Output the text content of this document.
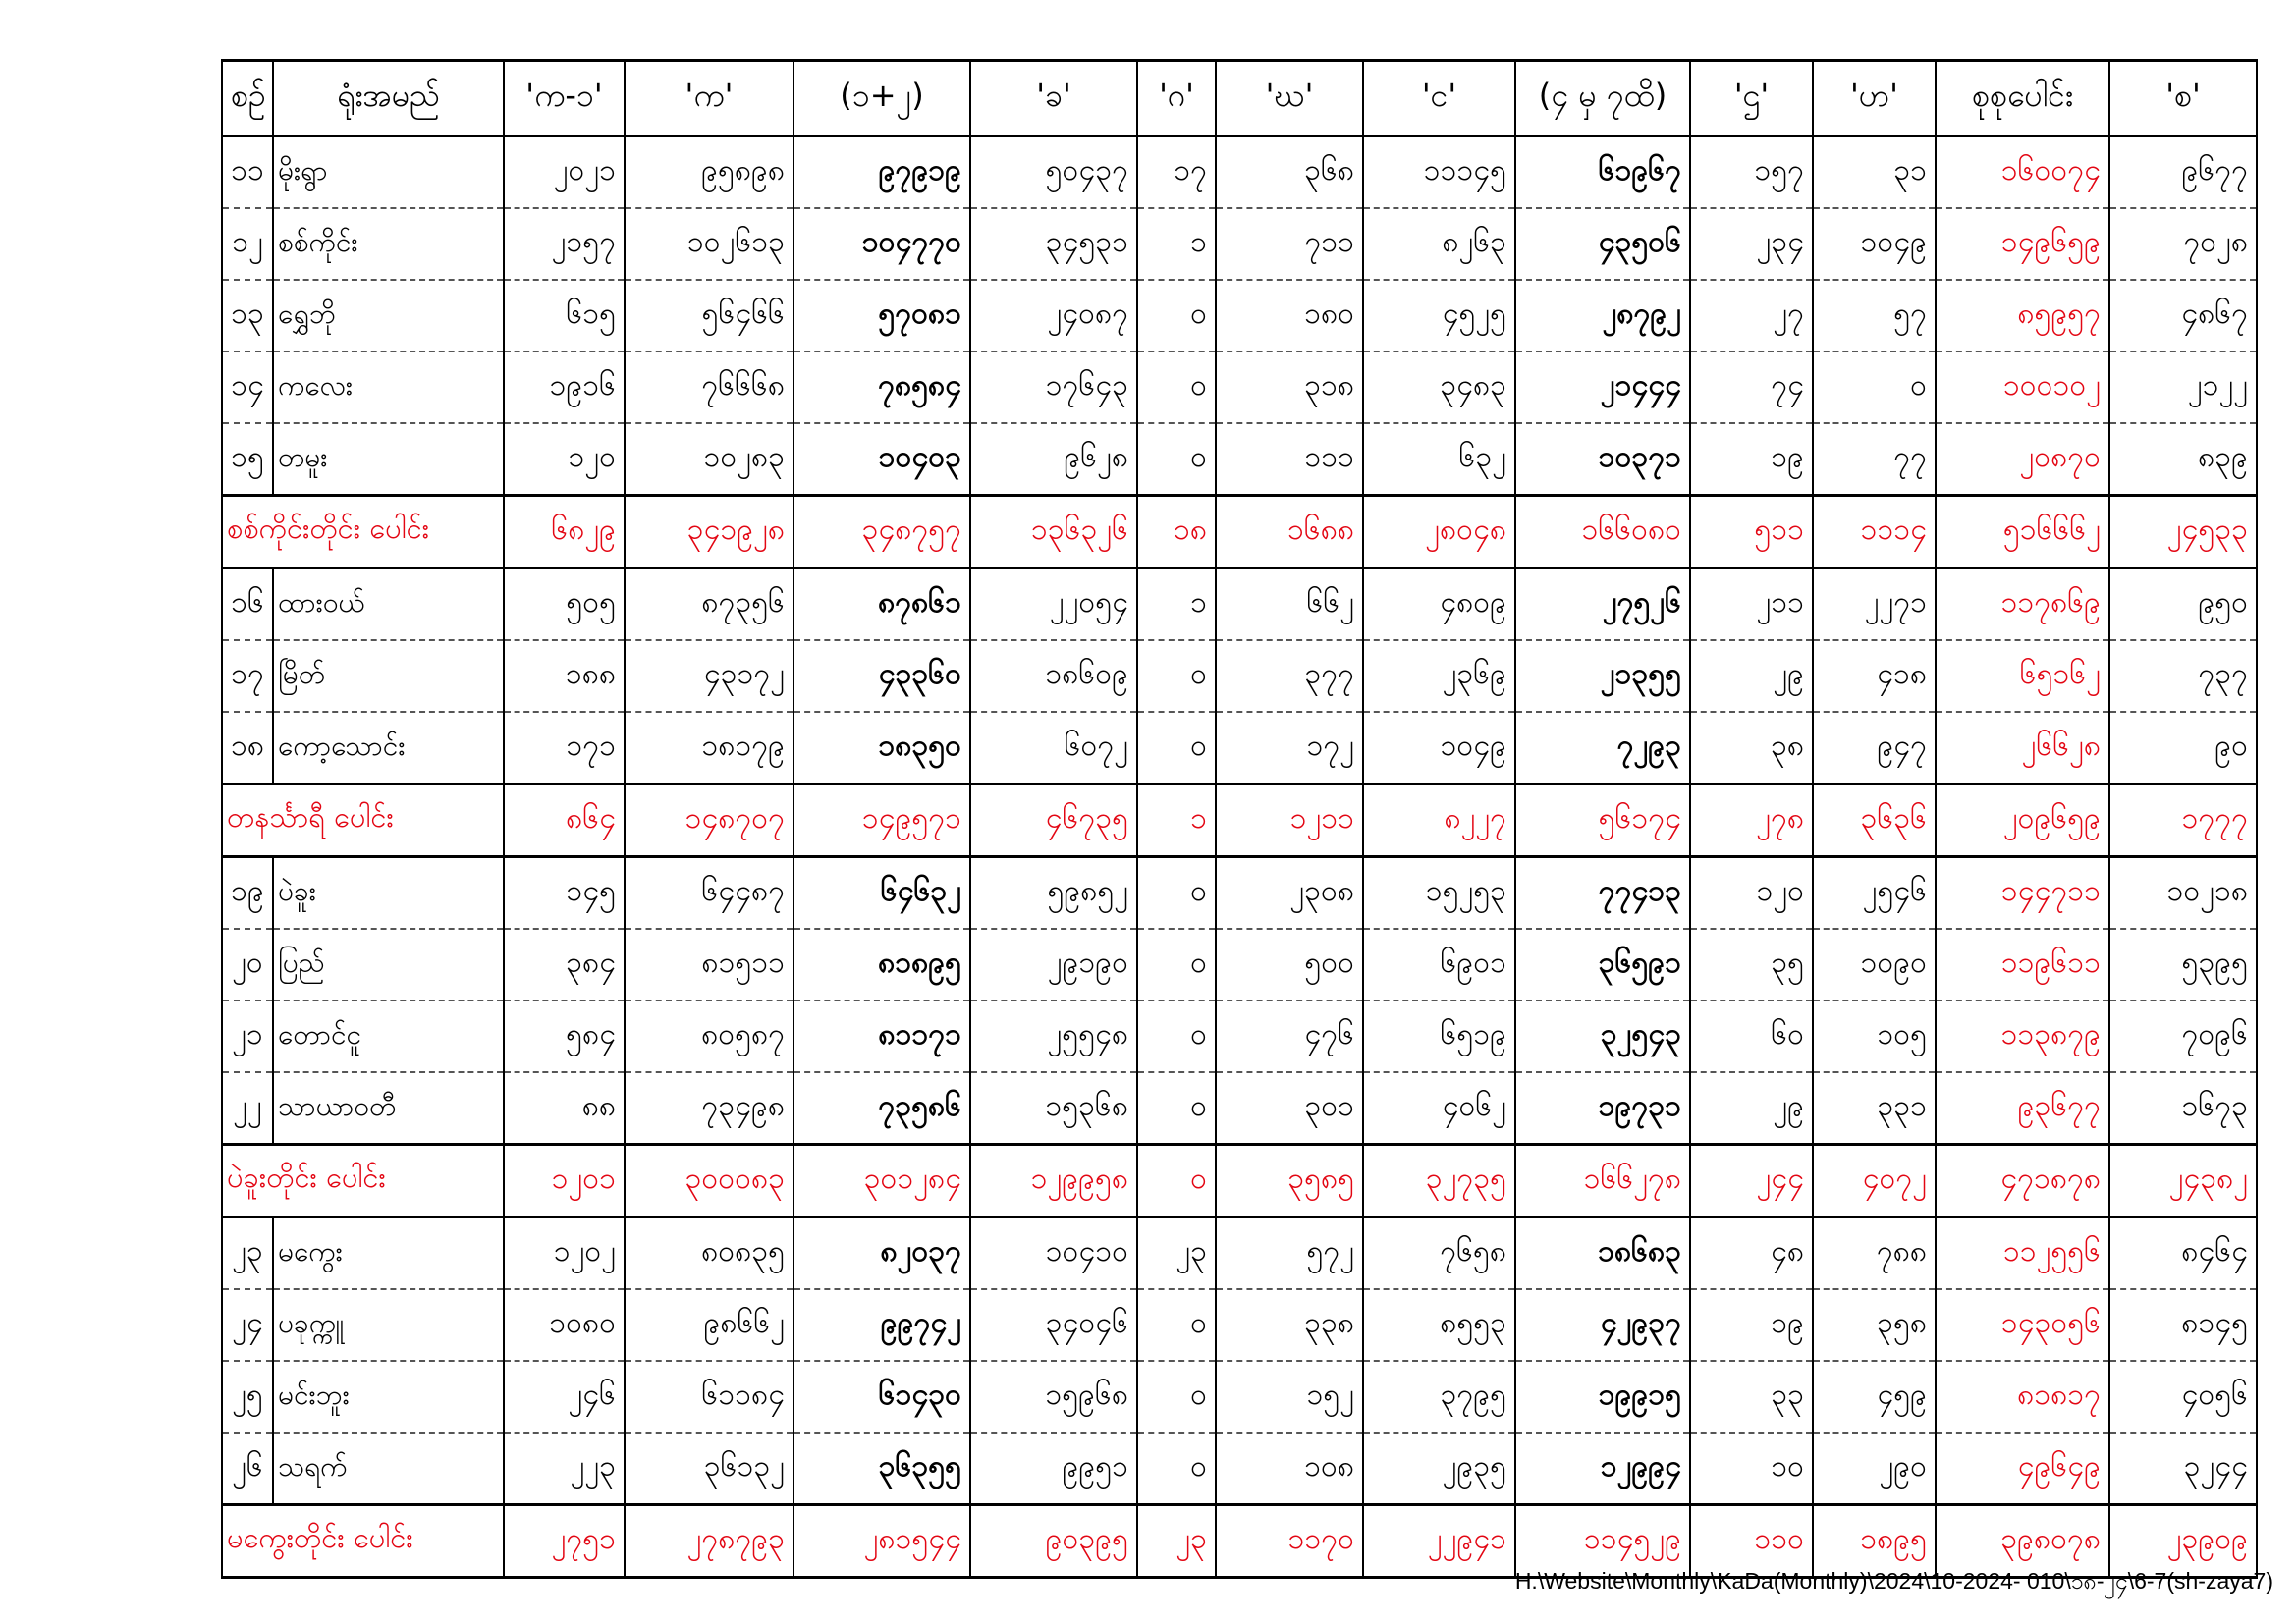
စဉ်	ရုံးအမည်	'က-၁'	'က'	(၁+၂)	'ခ'	'ဂ'	'ဃ'	'င'	(၄ မှ ၇ထိ)	'ဌ'	'ဟ'	စုစုပေါင်း	'စ'
၁၁	မိုးရွာ	၂၀၂၁	၉၅၈၉၈	၉၇၉၁၉	၅၀၄၃၇	၁၇	၃၆၈	၁၁၁၄၅	၆၁၉၆၇	၁၅၇	၃၁	၁၆၀၀၇၄	၉၆၇၇
၁၂	စစ်ကိုင်း	၂၁၅၇	၁၀၂၆၁၃	၁၀၄၇၇၀	၃၄၅၃၁	၁	၇၁၁	၈၂၆၃	၄၃၅၀၆	၂၃၄	၁၀၄၉	၁၄၉၆၅၉	၇၀၂၈
၁၃	ရွှေဘို	၆၁၅	၅၆၄၆၆	၅၇၀၈၁	၂၄၀၈၇	၀	၁၈၀	၄၅၂၅	၂၈၇၉၂	၂၇	၅၇	၈၅၉၅၇	၄၈၆၇
၁၄	ကလေး	၁၉၁၆	၇၆၆၆၈	၇၈၅၈၄	၁၇၆၄၃	၀	၃၁၈	၃၄၈၃	၂၁၄၄၄	၇၄	၀	၁၀၀၁၀၂	၂၁၂၂
၁၅	တမူး	၁၂၀	၁၀၂၈၃	၁၀၄၀၃	၉၆၂၈	၀	၁၁၁	၆၃၂	၁၀၃၇၁	၁၉	၇၇	၂၀၈၇၀	၈၃၉
စစ်ကိုင်းတိုင်း ပေါင်း		၆၈၂၉	၃၄၁၉၂၈	၃၄၈၇၅၇	၁၃၆၃၂၆	၁၈	၁၆၈၈	၂၈၀၄၈	၁၆၆၀၈၀	၅၁၁	၁၁၁၄	၅၁၆၆၆၂	၂၄၅၃၃
၁၆	ထားဝယ်	၅၀၅	၈၇၃၅၆	၈၇၈၆၁	၂၂၀၅၄	၁	၆၆၂	၄၈၀၉	၂၇၅၂၆	၂၁၁	၂၂၇၁	၁၁၇၈၆၉	၉၅၀
၁၇	မြိတ်	၁၈၈	၄၃၁၇၂	၄၃၃၆၀	၁၈၆၀၉	၀	၃၇၇	၂၃၆၉	၂၁၃၅၅	၂၉	၄၁၈	၆၅၁၆၂	၇၃၇
၁၈	ကော့သောင်း	၁၇၁	၁၈၁၇၉	၁၈၃၅၀	၆၀၇၂	၀	၁၇၂	၁၀၄၉	၇၂၉၃	၃၈	၉၄၇	၂၆၆၂၈	၉၀
တနင်္သာရီ ပေါင်း		၈၆၄	၁၄၈၇၀၇	၁၄၉၅၇၁	၄၆၇၃၅	၁	၁၂၁၁	၈၂၂၇	၅၆၁၇၄	၂၇၈	၃၆၃၆	၂၀၉၆၅၉	၁၇၇၇
၁၉	ပဲခူး	၁၄၅	၆၄၄၈၇	၆၄၆၃၂	၅၉၈၅၂	၀	၂၃၀၈	၁၅၂၅၃	၇၇၄၁၃	၁၂၀	၂၅၄၆	၁၄၄၇၁၁	၁၀၂၁၈
၂၀	ပြည်	၃၈၄	၈၁၅၁၁	၈၁၈၉၅	၂၉၁၉၀	၀	၅၀၀	၆၉၀၁	၃၆၅၉၁	၃၅	၁၀၉၀	၁၁၉၆၁၁	၅၃၉၅
၂၁	တောင်ငူ	၅၈၄	၈၀၅၈၇	၈၁၁၇၁	၂၅၅၄၈	၀	၄၇၆	၆၅၁၉	၃၂၅၄၃	၆၀	၁၀၅	၁၁၃၈၇၉	၇၀၉၆
၂၂	သာယာဝတီ	၈၈	၇၃၄၉၈	၇၃၅၈၆	၁၅၃၆၈	၀	၃၀၁	၄၀၆၂	၁၉၇၃၁	၂၉	၃၃၁	၉၃၆၇၇	၁၆၇၃
ပဲခူးတိုင်း ပေါင်း		၁၂၀၁	၃၀၀၀၈၃	၃၀၁၂၈၄	၁၂၉၉၅၈	၀	၃၅၈၅	၃၂၇၃၅	၁၆၆၂၇၈	၂၄၄	၄၀၇၂	၄၇၁၈၇၈	၂၄၃၈၂
၂၃	မကွေး	၁၂၀၂	၈၀၈၃၅	၈၂၀၃၇	၁၀၄၁၀	၂၃	၅၇၂	၇၆၅၈	၁၈၆၈၃	၄၈	၇၈၈	၁၁၂၅၅၆	၈၄၆၄
၂၄	ပခုက္ကူ	၁၀၈၀	၉၈၆၆၂	၉၉၇၄၂	၃၄၀၄၆	၀	၃၃၈	၈၅၅၃	၄၂၉၃၇	၁၉	၃၅၈	၁၄၃၀၅၆	၈၁၄၅
၂၅	မင်းဘူး	၂၄၆	၆၁၁၈၄	၆၁၄၃၀	၁၅၉၆၈	၀	၁၅၂	၃၇၉၅	၁၉၉၁၅	၃၃	၄၅၉	၈၁၈၁၇	၄၀၅၆
၂၆	သရက်	၂၂၃	၃၆၁၃၂	၃၆၃၅၅	၉၉၅၁	၀	၁၀၈	၂၉၃၅	၁၂၉၉၄	၁၀	၂၉၀	၄၉၆၄၉	၃၂၄၄
မကွေးတိုင်း ပေါင်း		၂၇၅၁	၂၇၈၇၉၃	၂၈၁၅၄၄	၉၀၃၉၅	၂၃	၁၁၇၀	၂၂၉၄၁	၁၁၄၅၂၉	၁၁၀	၁၈၉၅	၃၉၈၀၇၈	၂၃၉၀၉
H:\Website\Monthly\KaDa(Monthly)\2024\10-2024- 010\၁၈-၂၄\6-7(sh-zaya7)
